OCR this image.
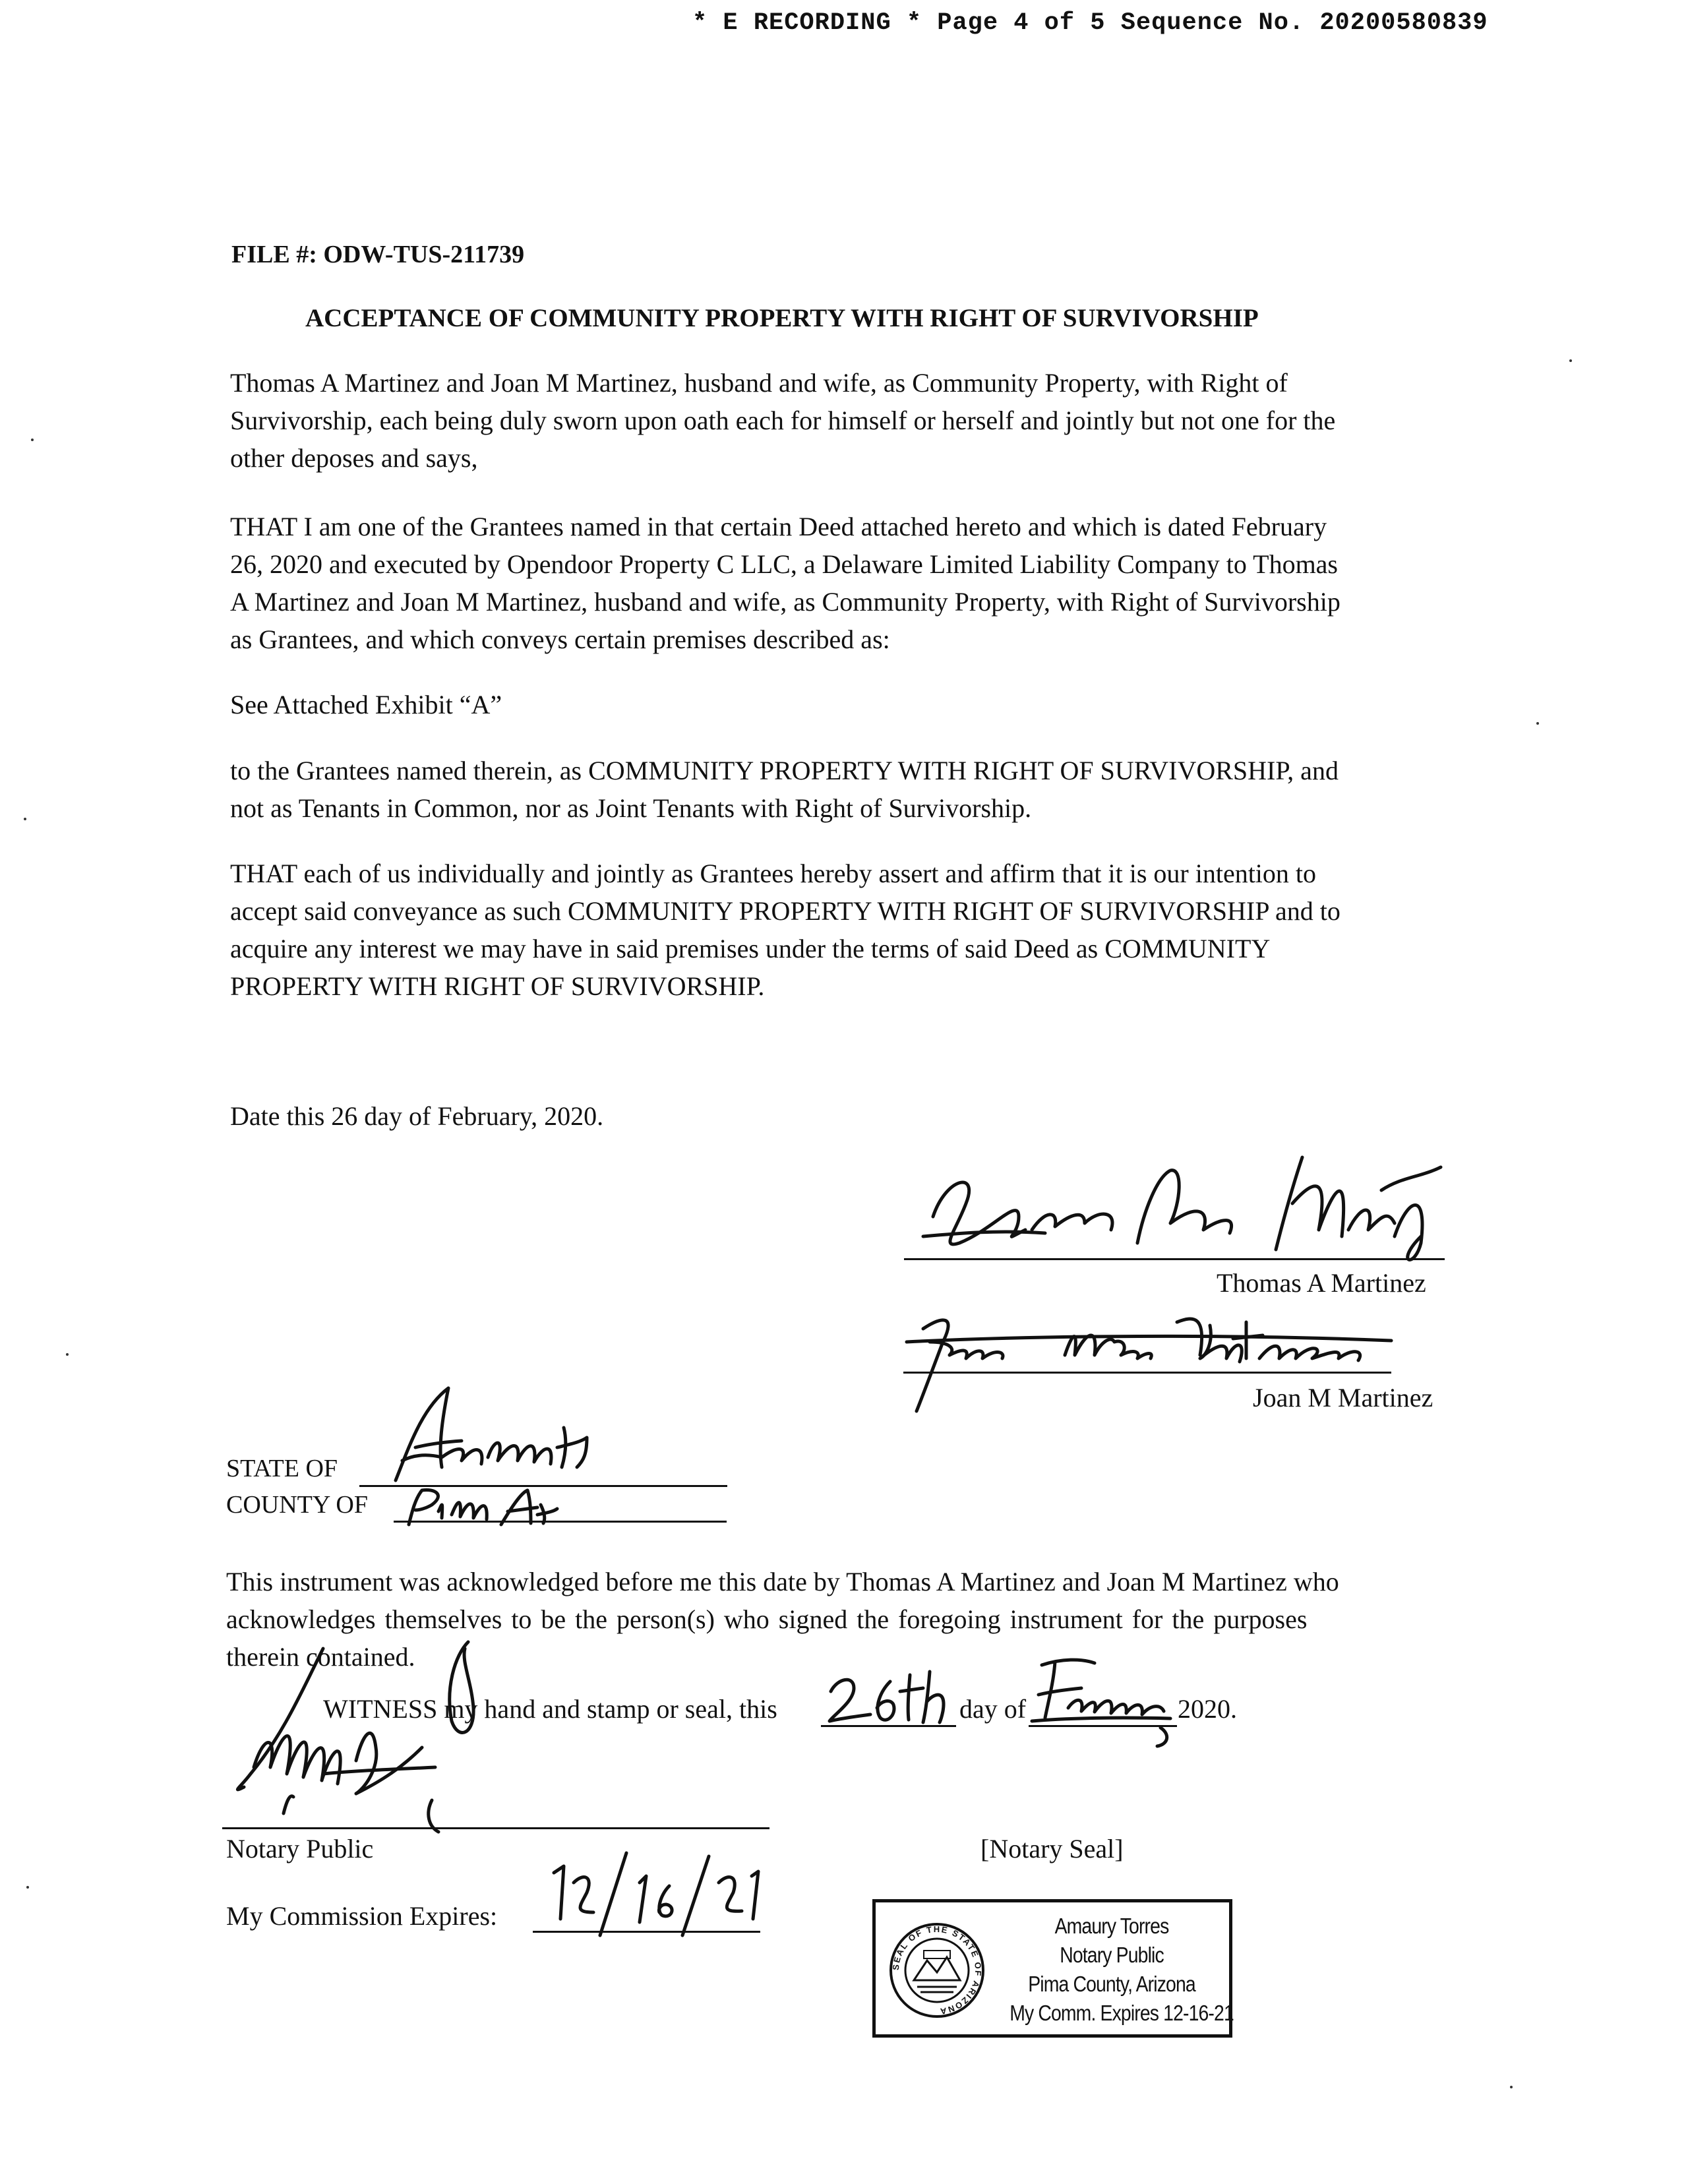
* E RECORDING * Page 4 of 5 Sequence No. 20200580839
FILE #: ODW-TUS-211739
ACCEPTANCE OF COMMUNITY PROPERTY WITH RIGHT OF SURVIVORSHIP
Thomas A Martinez and Joan M Martinez, husband and wife, as Community Property, with Right of
Survivorship, each being duly sworn upon oath each for himself or herself and jointly but not one for the
other deposes and says,
THAT I am one of the Grantees named in that certain Deed attached hereto and which is dated February
26, 2020 and executed by Opendoor Property C LLC, a Delaware Limited Liability Company to Thomas
A Martinez and Joan M Martinez, husband and wife, as Community Property, with Right of Survivorship
as Grantees, and which conveys certain premises described as:
See Attached Exhibit “A”
to the Grantees named therein, as COMMUNITY PROPERTY WITH RIGHT OF SURVIVORSHIP, and
not as Tenants in Common, nor as Joint Tenants with Right of Survivorship.
THAT each of us individually and jointly as Grantees hereby assert and affirm that it is our intention to
accept said conveyance as such COMMUNITY PROPERTY WITH RIGHT OF SURVIVORSHIP and to
acquire any interest we may have in said premises under the terms of said Deed as COMMUNITY
PROPERTY WITH RIGHT OF SURVIVORSHIP.
Date this 26 day of February, 2020.
Thomas A Martinez
Joan M Martinez
STATE OF
COUNTY OF
This instrument was acknowledged before me this date by Thomas A Martinez and Joan M Martinez who
acknowledges themselves to be the person(s) who signed the foregoing instrument for the purposes
therein contained.
WITNESS my hand and stamp or seal, this	day of	2020.
Notary Public	[Notary Seal]
My Commission Expires:
SEAL OF THE STATE OF ARIZONA
Amaury Torres
Notary Public
Pima County, Arizona
My Comm. Expires 12-16-21
